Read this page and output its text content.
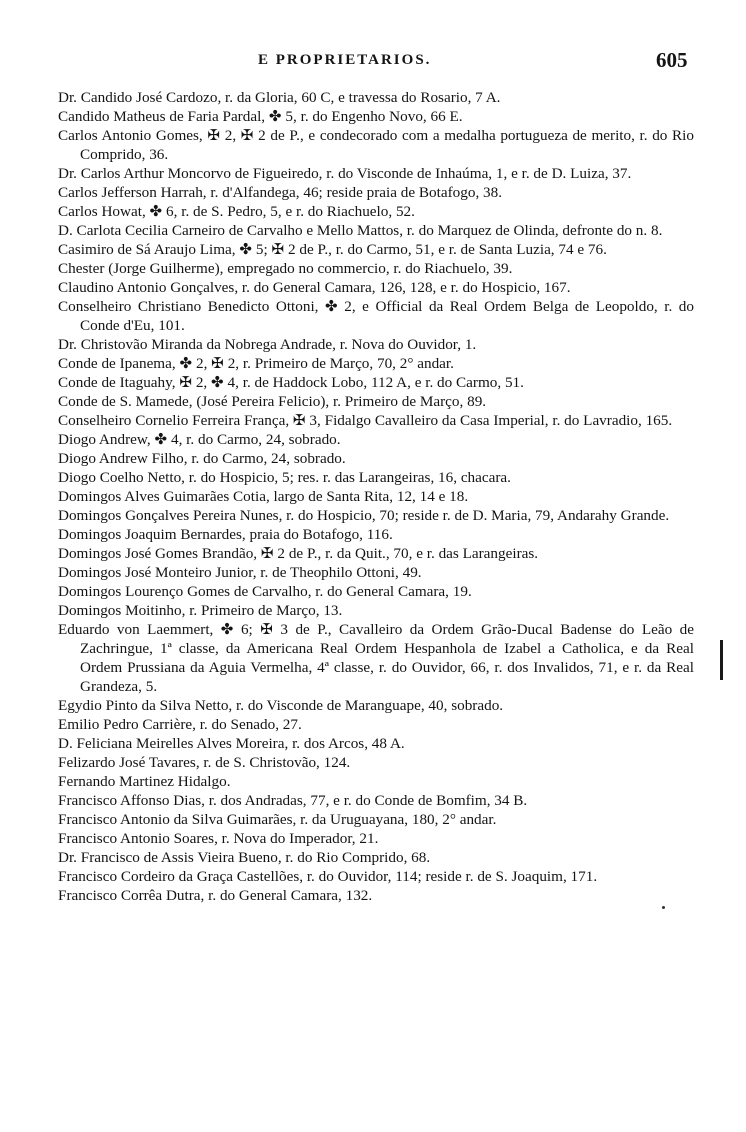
E PROPRIETARIOS.	605
Dr. Candido José Cardozo, r. da Gloria, 60 C, e travessa do Rosario, 7 A.
Candido Matheus de Faria Pardal, ✤ 5, r. do Engenho Novo, 66 E.
Carlos Antonio Gomes, ✠ 2, ✠ 2 de P., e condecorado com a medalha portugueza de merito, r. do Rio Comprido, 36.
Dr. Carlos Arthur Moncorvo de Figueiredo, r. do Visconde de Inhaúma, 1, e r. de D. Luiza, 37.
Carlos Jefferson Harrah, r. d'Alfandega, 46; reside praia de Botafogo, 38.
Carlos Howat, ✤ 6, r. de S. Pedro, 5, e r. do Riachuelo, 52.
D. Carlota Cecilia Carneiro de Carvalho e Mello Mattos, r. do Marquez de Olinda, defronte do n. 8.
Casimiro de Sá Araujo Lima, ✤ 5; ✠ 2 de P., r. do Carmo, 51, e r. de Santa Luzia, 74 e 76.
Chester (Jorge Guilherme), empregado no commercio, r. do Riachuelo, 39.
Claudino Antonio Gonçalves, r. do General Camara, 126, 128, e r. do Hospicio, 167.
Conselheiro Christiano Benedicto Ottoni, ✤ 2, e Official da Real Ordem Belga de Leopoldo, r. do Conde d'Eu, 101.
Dr. Christovão Miranda da Nobrega Andrade, r. Nova do Ouvidor, 1.
Conde de Ipanema, ✤ 2, ✠ 2, r. Primeiro de Março, 70, 2° andar.
Conde de Itaguahy, ✠ 2, ✤ 4, r. de Haddock Lobo, 112 A, e r. do Carmo, 51.
Conde de S. Mamede, (José Pereira Felicio), r. Primeiro de Março, 89.
Conselheiro Cornelio Ferreira França, ✠ 3, Fidalgo Cavalleiro da Casa Imperial, r. do Lavradio, 165.
Diogo Andrew, ✤ 4, r. do Carmo, 24, sobrado.
Diogo Andrew Filho, r. do Carmo, 24, sobrado.
Diogo Coelho Netto, r. do Hospicio, 5; res. r. das Larangeiras, 16, chacara.
Domingos Alves Guimarães Cotia, largo de Santa Rita, 12, 14 e 18.
Domingos Gonçalves Pereira Nunes, r. do Hospicio, 70; reside r. de D. Maria, 79, Andarahy Grande.
Domingos Joaquim Bernardes, praia do Botafogo, 116.
Domingos José Gomes Brandão, ✠ 2 de P., r. da Quit., 70, e r. das Larangeiras.
Domingos José Monteiro Junior, r. de Theophilo Ottoni, 49.
Domingos Lourenço Gomes de Carvalho, r. do General Camara, 19.
Domingos Moitinho, r. Primeiro de Março, 13.
Eduardo von Laemmert, ✤ 6; ✠ 3 de P., Cavalleiro da Ordem Grão-Ducal Badense do Leão de Zachringue, 1ª classe, da Americana Real Ordem Hespanhola de Izabel a Catholica, e da Real Ordem Prussiana da Aguia Vermelha, 4ª classe, r. do Ouvidor, 66, r. dos Invalidos, 71, e r. da Real Grandeza, 5.
Egydio Pinto da Silva Netto, r. do Visconde de Maranguape, 40, sobrado.
Emilio Pedro Carrière, r. do Senado, 27.
D. Feliciana Meirelles Alves Moreira, r. dos Arcos, 48 A.
Felizardo José Tavares, r. de S. Christovão, 124.
Fernando Martinez Hidalgo.
Francisco Affonso Dias, r. dos Andradas, 77, e r. do Conde de Bomfim, 34 B.
Francisco Antonio da Silva Guimarães, r. da Uruguayana, 180, 2° andar.
Francisco Antonio Soares, r. Nova do Imperador, 21.
Dr. Francisco de Assis Vieira Bueno, r. do Rio Comprido, 68.
Francisco Cordeiro da Graça Castellões, r. do Ouvidor, 114; reside r. de S. Joaquim, 171.
Francisco Corrêa Dutra, r. do General Camara, 132.
